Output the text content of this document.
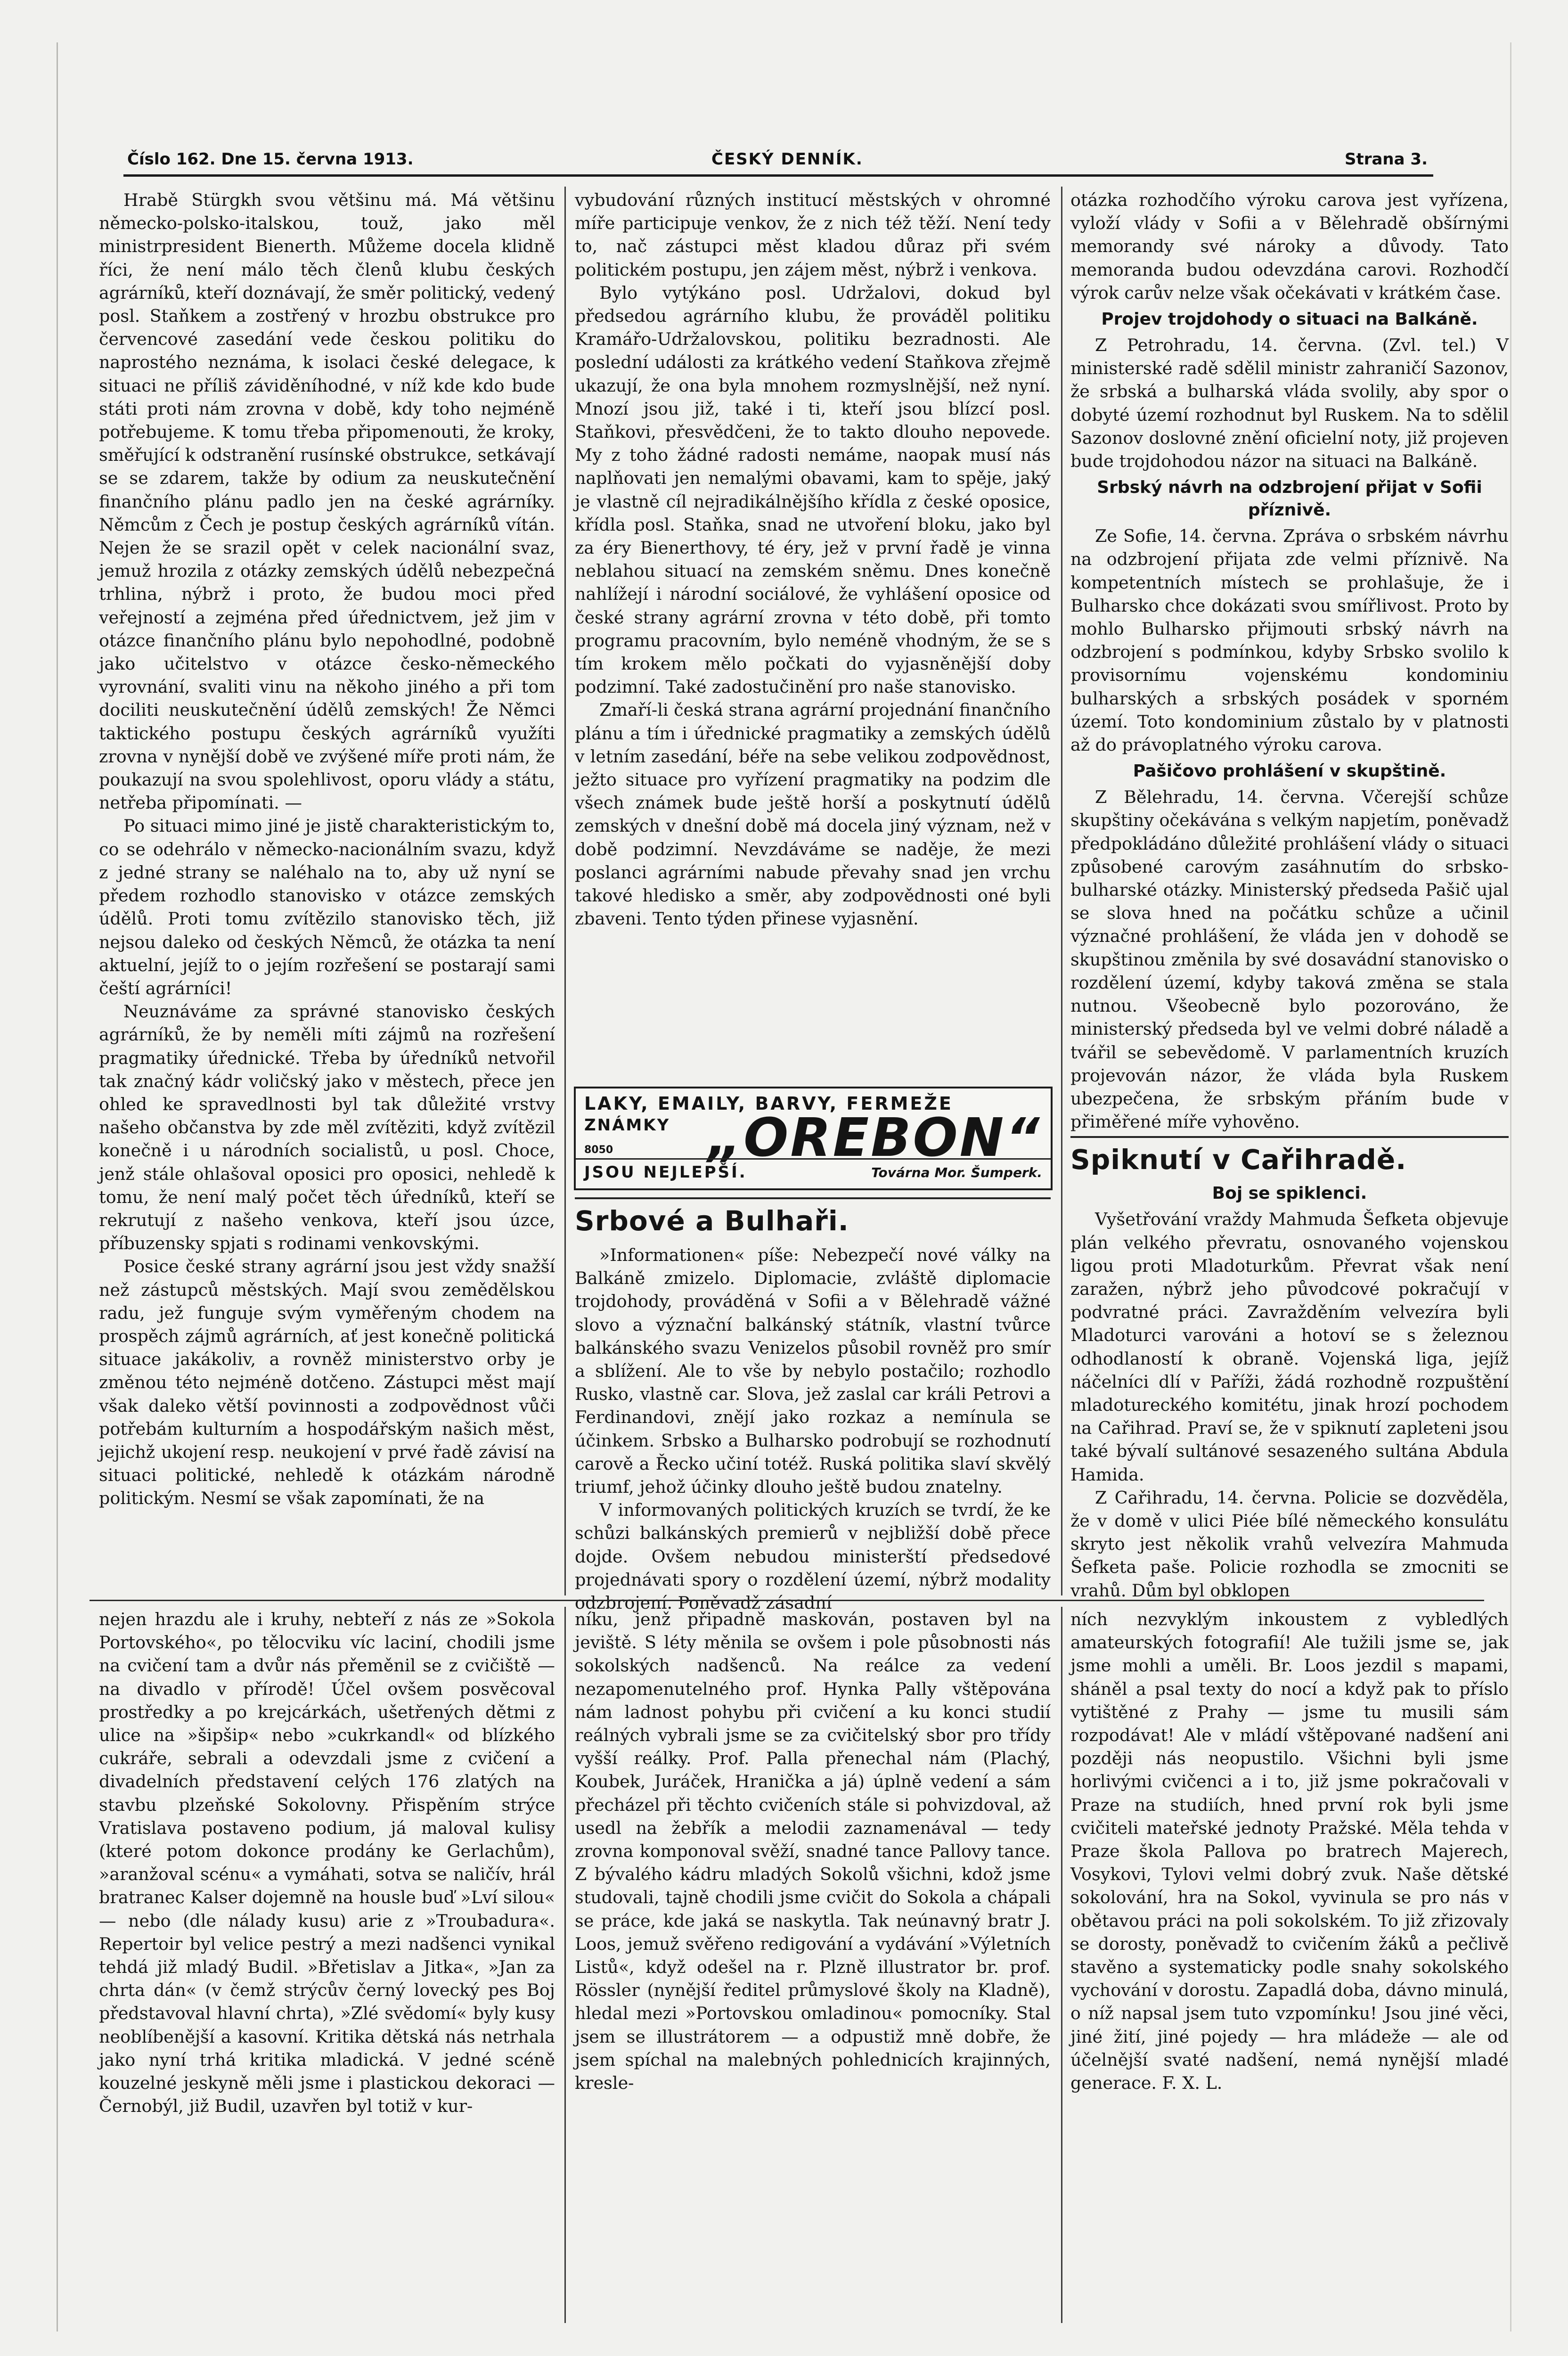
Číslo 162. Dne 15. června 1913.	ČESKÝ DENNÍK.	Strana 3.

Hrabě Stürgkh svou většinu má. Má většinu německo-polsko-italskou, touž, jako měl ministrpresident Bienerth. Můžeme docela klidně říci, že není málo těch členů klubu českých agrárníků, kteří doznávají, že směr politický, vedený posl. Staňkem a zostřený v hrozbu obstrukce pro červencové zasedání vede českou politiku do naprostého neznáma, k isolaci české delegace, k situaci ne příliš záviděníhodné, v níž kde kdo bude státi proti nám zrovna v době, kdy toho nejméně potřebujeme. K tomu třeba připomenouti, že kroky, směřující k odstranění rusínské obstrukce, setkávají se se zdarem, takže by odium za neuskutečnění finančního plánu padlo jen na české agrárníky. Němcům z Čech je postup českých agrárníků vítán. Nejen že se srazil opět v celek nacionální svaz, jemuž hrozila z otázky zemských údělů nebezpečná trhlina, nýbrž i proto, že budou moci před veřejností a zejména před úřednictvem, jež jim v otázce finančního plánu bylo nepohodlné, podobně jako učitelstvo v otázce česko-německého vyrovnání, svaliti vinu na někoho jiného a při tom dociliti neuskutečnění údělů zemských! Že Němci taktického postupu českých agrárníků využíti zrovna v nynější době ve zvýšené míře proti nám, že poukazují na svou spolehlivost, oporu vlády a státu, netřeba připomínati. —

Po situaci mimo jiné je jistě charakteristickým to, co se odehrálo v německo-nacionálním svazu, když z jedné strany se naléhalo na to, aby už nyní se předem rozhodlo stanovisko v otázce zemských údělů. Proti tomu zvítězilo stanovisko těch, již nejsou daleko od českých Němců, že otázka ta není aktuelní, jejíž to o jejím rozřešení se postarají sami čeští agrárníci!

Neuznáváme za správné stanovisko českých agrárníků, že by neměli míti zájmů na rozřešení pragmatiky úřednické. Třeba by úředníků netvořil tak značný kádr voličský jako v městech, přece jen ohled ke spravedlnosti byl tak důležité vrstvy našeho občanstva by zde měl zvítěziti, když zvítězil konečně i u národních socialistů, u posl. Choce, jenž stále ohlašoval oposici pro oposici, nehledě k tomu, že není malý počet těch úředníků, kteří se rekrutují z našeho venkova, kteří jsou úzce, příbuzensky spjati s rodinami venkovskými.

Posice české strany agrární jsou jest vždy snažší než zástupců městských. Mají svou zemědělskou radu, jež funguje svým vyměřeným chodem na prospěch zájmů agrárních, ať jest konečně politická situace jakákoliv, a rovněž ministerstvo orby je změnou této nejméně dotčeno. Zástupci měst mají však daleko větší povinnosti a zodpovědnost vůči potřebám kulturním a hospodářským našich měst, jejichž ukojení resp. neukojení v prvé řadě závisí na situaci politické, nehledě k otázkám národně politickým. Nesmí se však zapomínati, že na

vybudování různých institucí městských v ohromné míře participuje venkov, že z nich též těží. Není tedy to, nač zástupci měst kladou důraz při svém politickém postupu, jen zájem měst, nýbrž i venkova.

Bylo vytýkáno posl. Udržalovi, dokud byl předsedou agrárního klubu, že prováděl politiku Kramářo-Udržalovskou, politiku bezradnosti. Ale poslední události za krátkého vedení Staňkova zřejmě ukazují, že ona byla mnohem rozmyslnější, než nyní. Mnozí jsou již, také i ti, kteří jsou blízcí posl. Staňkovi, přesvědčeni, že to takto dlouho nepovede. My z toho žádné radosti nemáme, naopak musí nás naplňovati jen nemalými obavami, kam to spěje, jaký je vlastně cíl nejradikálnějšího křídla z české oposice, křídla posl. Staňka, snad ne utvoření bloku, jako byl za éry Bienerthovy, té éry, jež v první řadě je vinna neblahou situací na zemském sněmu. Dnes konečně nahlížejí i národní sociálové, že vyhlášení oposice od české strany agrární zrovna v této době, při tomto programu pracovním, bylo neméně vhodným, že se s tím krokem mělo počkati do vyjasněnější doby podzimní. Také zadostučinění pro naše stanovisko.

Zmaří-li česká strana agrární projednání finančního plánu a tím i úřednické pragmatiky a zemských údělů v letním zasedání, béře na sebe velikou zodpovědnost, ježto situace pro vyřízení pragmatiky na podzim dle všech známek bude ještě horší a poskytnutí údělů zemských v dnešní době má docela jiný význam, než v době podzimní. Nevzdáváme se naděje, že mezi poslanci agrárními nabude převahy snad jen vrchu takové hledisko a směr, aby zodpovědnosti oné byli zbaveni. Tento týden přinese vyjasnění.

LAKY, EMAILY, BARVY, FERMEŽE
ZNÁMKY „OREBON“
8050
JSOU NEJLEPŠÍ.	Továrna Mor. Šumperk.
Srbové a Bulhaři.

»Informationen« píše: Nebezpečí nové války na Balkáně zmizelo. Diplomacie, zvláště diplomacie trojdohody, prováděná v Sofii a v Bělehradě vážné slovo a význační balkánský státník, vlastní tvůrce balkánského svazu Venizelos působil rovněž pro smír a sblížení. Ale to vše by nebylo postačilo; rozhodlo Rusko, vlastně car. Slova, jež zaslal car králi Petrovi a Ferdinandovi, znějí jako rozkaz a nemínula se účinkem. Srbsko a Bulharsko podrobují se rozhodnutí carově a Řecko učiní totéž. Ruská politika slaví skvělý triumf, jehož účinky dlouho ještě budou znatelny.

V informovaných politických kruzích se tvrdí, že ke schůzi balkánských premierů v nejbližší době přece dojde. Ovšem nebudou ministerští předsedové projednávati spory o rozdělení území, nýbrž modality odzbrojení. Poněvadž zásadní

otázka rozhodčího výroku carova jest vyřízena, vyloží vlády v Sofii a v Bělehradě obšírnými memorandy své nároky a důvody. Tato memoranda budou odevzdána carovi. Rozhodčí výrok carův nelze však očekávati v krátkém čase.

Projev trojdohody o situaci na Balkáně.

Z Petrohradu, 14. června. (Zvl. tel.) V ministerské radě sdělil ministr zahraničí Sazonov, že srbská a bulharská vláda svolily, aby spor o dobyté území rozhodnut byl Ruskem. Na to sdělil Sazonov doslovné znění oficielní noty, již projeven bude trojdohodou názor na situaci na Balkáně.

Srbský návrh na odzbrojení přijat v Sofii příznivě.

Ze Sofie, 14. června. Zpráva o srbském návrhu na odzbrojení přijata zde velmi příznivě. Na kompetentních místech se prohlašuje, že i Bulharsko chce dokázati svou smířlivost. Proto by mohlo Bulharsko přijmouti srbský návrh na odzbrojení s podmínkou, kdyby Srbsko svolilo k provisornímu vojenskému kondominiu bulharských a srbských posádek v sporném území. Toto kondominium zůstalo by v platnosti až do právoplatného výroku carova.

Pašičovo prohlášení v skupštině.

Z Bělehradu, 14. června. Včerejší schůze skupštiny očekávána s velkým napjetím, poněvadž předpokládáno důležité prohlášení vlády o situaci způsobené carovým zasáhnutím do srbsko-bulharské otázky. Ministerský předseda Pašič ujal se slova hned na počátku schůze a učinil význačné prohlášení, že vláda jen v dohodě se skupštinou změnila by své dosavádní stanovisko o rozdělení území, kdyby taková změna se stala nutnou. Všeobecně bylo pozorováno, že ministerský předseda byl ve velmi dobré náladě a tvářil se sebevědomě. V parlamentních kruzích projevován názor, že vláda byla Ruskem ubezpečena, že srbským přáním bude v přiměřené míře vyhověno.

Spiknutí v Cařihradě.
Boj se spiklenci.

Vyšetřování vraždy Mahmuda Šefketa objevuje plán velkého převratu, osnovaného vojenskou ligou proti Mladoturkům. Převrat však není zaražen, nýbrž jeho původcové pokračují v podvratné práci. Zavražděním velvezíra byli Mladoturci varováni a hotoví se s železnou odhodlaností k obraně. Vojenská liga, jejíž náčelníci dlí v Paříži, žádá rozhodně rozpuštění mladotureckého komitétu, jinak hrozí pochodem na Cařihrad. Praví se, že v spiknutí zapleteni jsou také bývalí sultánové sesazeného sultána Abdula Hamida.

Z Cařihradu, 14. června. Policie se dozvěděla, že v domě v ulici Piée bílé německého konsulátu skryto jest několik vrahů velvezíra Mahmuda Šefketa paše. Policie rozhodla se zmocniti se vrahů. Dům byl obklopen

nejen hrazdu ale i kruhy, nebteří z nás ze »Sokola Portovského«, po tělocviku víc laciní, chodili jsme na cvičení tam a dvůr nás přeměnil se z cvičiště — na divadlo v přírodě! Účel ovšem posvěcoval prostředky a po krejcárkách, ušetřených dětmi z ulice na »šipšip« nebo »cukrkandl« od blízkého cukráře, sebrali a odevzdali jsme z cvičení a divadelních představení celých 176 zlatých na stavbu plzeňské Sokolovny. Přispěním strýce Vratislava postaveno podium, já maloval kulisy (které potom dokonce prodány ke Gerlachům), »aranžoval scénu« a vymáhati, sotva se naličív, hrál bratranec Kalser dojemně na housle buď »Lví silou« — nebo (dle nálady kusu) arie z »Troubadura«. Repertoir byl velice pestrý a mezi nadšenci vynikal tehdá již mladý Budil. »Břetislav a Jitka«, »Jan za chrta dán« (v čemž strýcův černý lovecký pes Boj představoval hlavní chrta), »Zlé svědomí« byly kusy neoblíbenější a kasovní. Kritika dětská nás netrhala jako nyní trhá kritika mladická. V jedné scéně kouzelné jeskyně měli jsme i plastickou dekoraci — Černobýl, již Budil, uzavřen byl totiž v kur-

níku, jenž připadně maskován, postaven byl na jeviště. S léty měnila se ovšem i pole působnosti nás sokolských nadšenců. Na reálce za vedení nezapomenutelného prof. Hynka Pally vštěpována nám ladnost pohybu při cvičení a ku konci studií reálných vybrali jsme se za cvičitelský sbor pro třídy vyšší reálky. Prof. Palla přenechal nám (Plachý, Koubek, Juráček, Hranička a já) úplně vedení a sám přecházel při těchto cvičeních stále si pohvizdoval, až usedl na žebřík a melodii zaznamenával — tedy zrovna komponoval svěží, snadné tance Pallovy tance. Z bývalého kádru mladých Sokolů všichni, kdož jsme studovali, tajně chodili jsme cvičit do Sokola a chápali se práce, kde jaká se naskytla. Tak neúnavný bratr J. Loos, jemuž svěřeno redigování a vydávání »Výletních Listů«, když odešel na r. Plzně illustrator br. prof. Rössler (nynější ředitel průmyslové školy na Kladně), hledal mezi »Portovskou omladinou« pomocníky. Stal jsem se illustrátorem — a odpustiž mně dobře, že jsem spíchal na malebných pohlednicích krajinných, kresle-

ních nezvyklým inkoustem z vybledlých amateurských fotografií! Ale tužili jsme se, jak jsme mohli a uměli. Br. Loos jezdil s mapami, sháněl a psal texty do nocí a když pak to příslo vytištěné z Prahy — jsme tu musili sám rozpodávat! Ale v mládí vštěpované nadšení ani později nás neopustilo. Všichni byli jsme horlivými cvičenci a i to, již jsme pokračovali v Praze na studiích, hned první rok byli jsme cvičiteli mateřské jednoty Pražské. Měla tehda v Praze škola Pallova po bratrech Majerech, Vosykovi, Tylovi velmi dobrý zvuk. Naše dětské sokolování, hra na Sokol, vyvinula se pro nás v obětavou práci na poli sokolském. To již zřizovaly se dorosty, poněvadž to cvičením žáků a pečlivě stavěno a systematicky podle snahy sokolského vychování v dorostu. Zapadlá doba, dávno minulá, o níž napsal jsem tuto vzpomínku! Jsou jiné věci, jiné žití, jiné pojedy — hra mládeže — ale od účelnější svaté nadšení, nemá nynější mladé generace. F. X. L.
